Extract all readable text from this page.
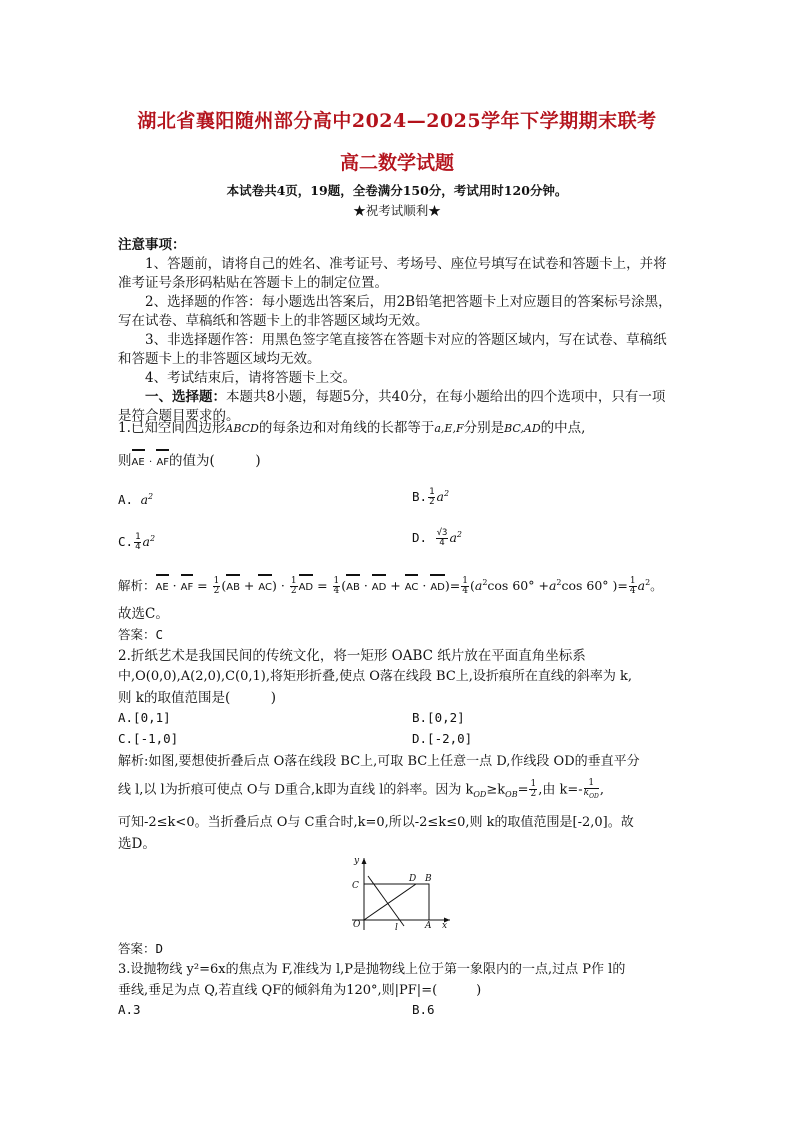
湖北省襄阳随州部分高中2024—2025学年下学期期末联考
高二数学试题
本试卷共4页，19题，全卷满分150分，考试用时120分钟。
★祝考试顺利★
注意事项：
1、答题前，请将自己的姓名、准考证号、考场号、座位号填写在试卷和答题卡上，并将准考证号条形码粘贴在答题卡上的制定位置。
2、选择题的作答：每小题选出答案后，用2B铅笔把答题卡上对应题目的答案标号涂黑，写在试卷、草稿纸和答题卡上的非答题区域均无效。
3、非选择题作答：用黑色签字笔直接答在答题卡对应的答题区域内，写在试卷、草稿纸和答题卡上的非答题区域均无效。
4、考试结束后，请将答题卡上交。
一、选择题：本题共8小题，每题5分，共40分，在每小题给出的四个选项中，只有一项是符合题目要求的。
1.已知空间四边形ABCD的每条边和对角线的长都等于a,E,F分别是BC,AD的中点,
则AE · AF的值为(　　　)
A. $a^2$	B. $\frac{1}{2} a^2$
C. $\frac{1}{4} a^2$	D. $\frac{√3}{4} a^2$
解析：AE · AF = $\frac{1}{2} (AB + AC) \cdot \frac{1}{2}$ AD = $\frac{1}{4} (AB$ · AD + AC · $AD)= \frac{1}{4} (a^2\cos$ $60^\circ +a^2\cos$ 60° )= $\frac{1}{4} a^2$。
故选C。
答案：C
2.折纸艺术是我国民间的传统文化，将一矩形 OABC 纸片放在平面直角坐标系
中,O(0,0),A(2,0),C(0,1),将矩形折叠,使点 O落在线段 BC上,设折痕所在直线的斜率为 k,
则 k的取值范围是(　　　)
A.[0,1]	B.[0,2]
C.[-1,0]	D.[-2,0]
解析:如图,要想使折叠后点 O落在线段 BC上,可取 BC上任意一点 D,作线段 OD的垂直平分
线 l,以 l为折痕可使点 O与 D重合,k即为直线 l的斜率。因为 $k_{OD}\ge k_{OB}= \frac{1}{2}$ ,由 $k=- \frac{1}{k_{OD}}$ ,
可知-2≤k<0。当折叠后点 O与 C重合时,k=0,所以-2≤k≤0,则 k的取值范围是[-2,0]。故
选D。
y
C
D B
O	l	A x
答案：D
3.设抛物线 y²=6x的焦点为 F,准线为 l,P是抛物线上位于第一象限内的一点,过点 P作 l的
垂线,垂足为点 Q,若直线 QF的倾斜角为120°,则|PF|=(　　　)
A.3	B.6
